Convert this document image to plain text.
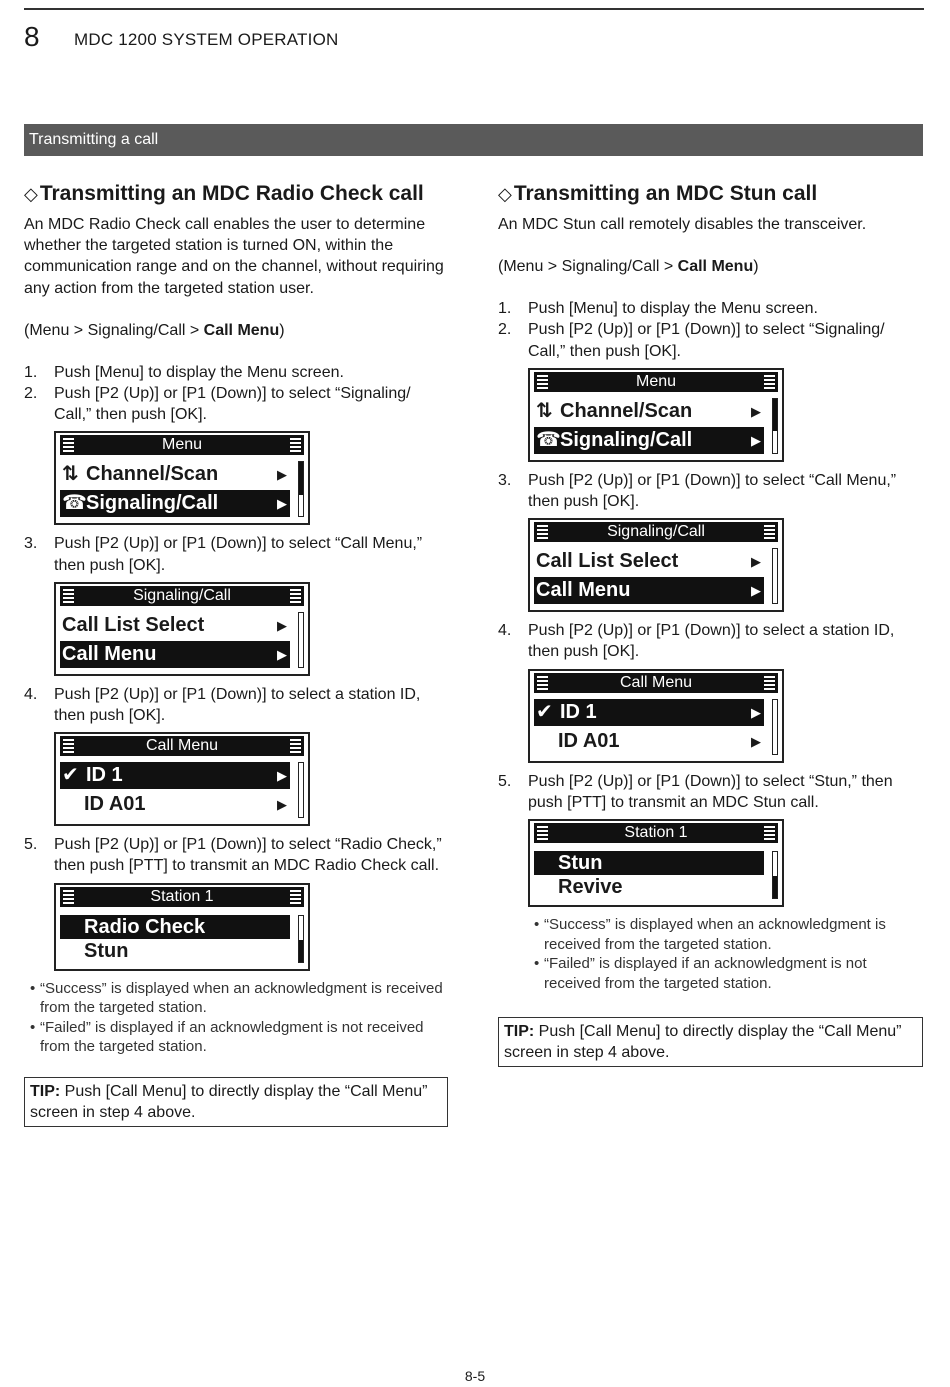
8 MDC 1200 SYSTEM OPERATION
Transmitting a call
◇ Transmitting an MDC Radio Check call

An MDC Radio Check call enables the user to determine whether the targeted station is turned ON, within the communication range and on the channel, without requiring any action from the targeted station user.

(Menu > Signaling/Call > Call Menu)
1.	Push [Menu] to display the Menu screen.
2.	Push [P2 (Up)] or [P1 (Down)] to select “Signaling/ Call,” then push [OK].
Menu
⇅ Channel/Scan	▶
☎Signaling/Call	▶
3.	Push [P2 (Up)] or [P1 (Down)] to select “Call Menu,” then push [OK].
Signaling/Call
Call List Select	▶
Call Menu	▶
4.	Push [P2 (Up)] or [P1 (Down)] to select a station ID, then push [OK].
Call Menu
✔ ID 1	▶
ID A01	▶
5.	Push [P2 (Up)] or [P1 (Down)] to select “Radio Check,” then push [PTT] to transmit an MDC Radio Check call.
Station 1
Radio Check
Stun
• “Success” is displayed when an acknowledgment is received from the targeted station.
• “Failed” is displayed if an acknowledgment is not received from the targeted station.
TIP: Push [Call Menu] to directly display the “Call Menu” screen in step 4 above.
◇ Transmitting an MDC Stun call

An MDC Stun call remotely disables the transceiver.

(Menu > Signaling/Call > Call Menu)
1.	Push [Menu] to display the Menu screen.
2.	Push [P2 (Up)] or [P1 (Down)] to select “Signaling/ Call,” then push [OK].
Menu
⇅ Channel/Scan	▶
☎Signaling/Call	▶
3.	Push [P2 (Up)] or [P1 (Down)] to select “Call Menu,” then push [OK].
Signaling/Call
Call List Select	▶
Call Menu	▶
4.	Push [P2 (Up)] or [P1 (Down)] to select a station ID, then push [OK].
Call Menu
✔ ID 1	▶
ID A01	▶
5.	Push [P2 (Up)] or [P1 (Down)] to select “Stun,” then push [PTT] to transmit an MDC Stun call.
Station 1
Stun
Revive
• “Success” is displayed when an acknowledgment is received from the targeted station.
• “Failed” is displayed if an acknowledgment is not received from the targeted station.
TIP: Push [Call Menu] to directly display the “Call Menu” screen in step 4 above.
8-5
